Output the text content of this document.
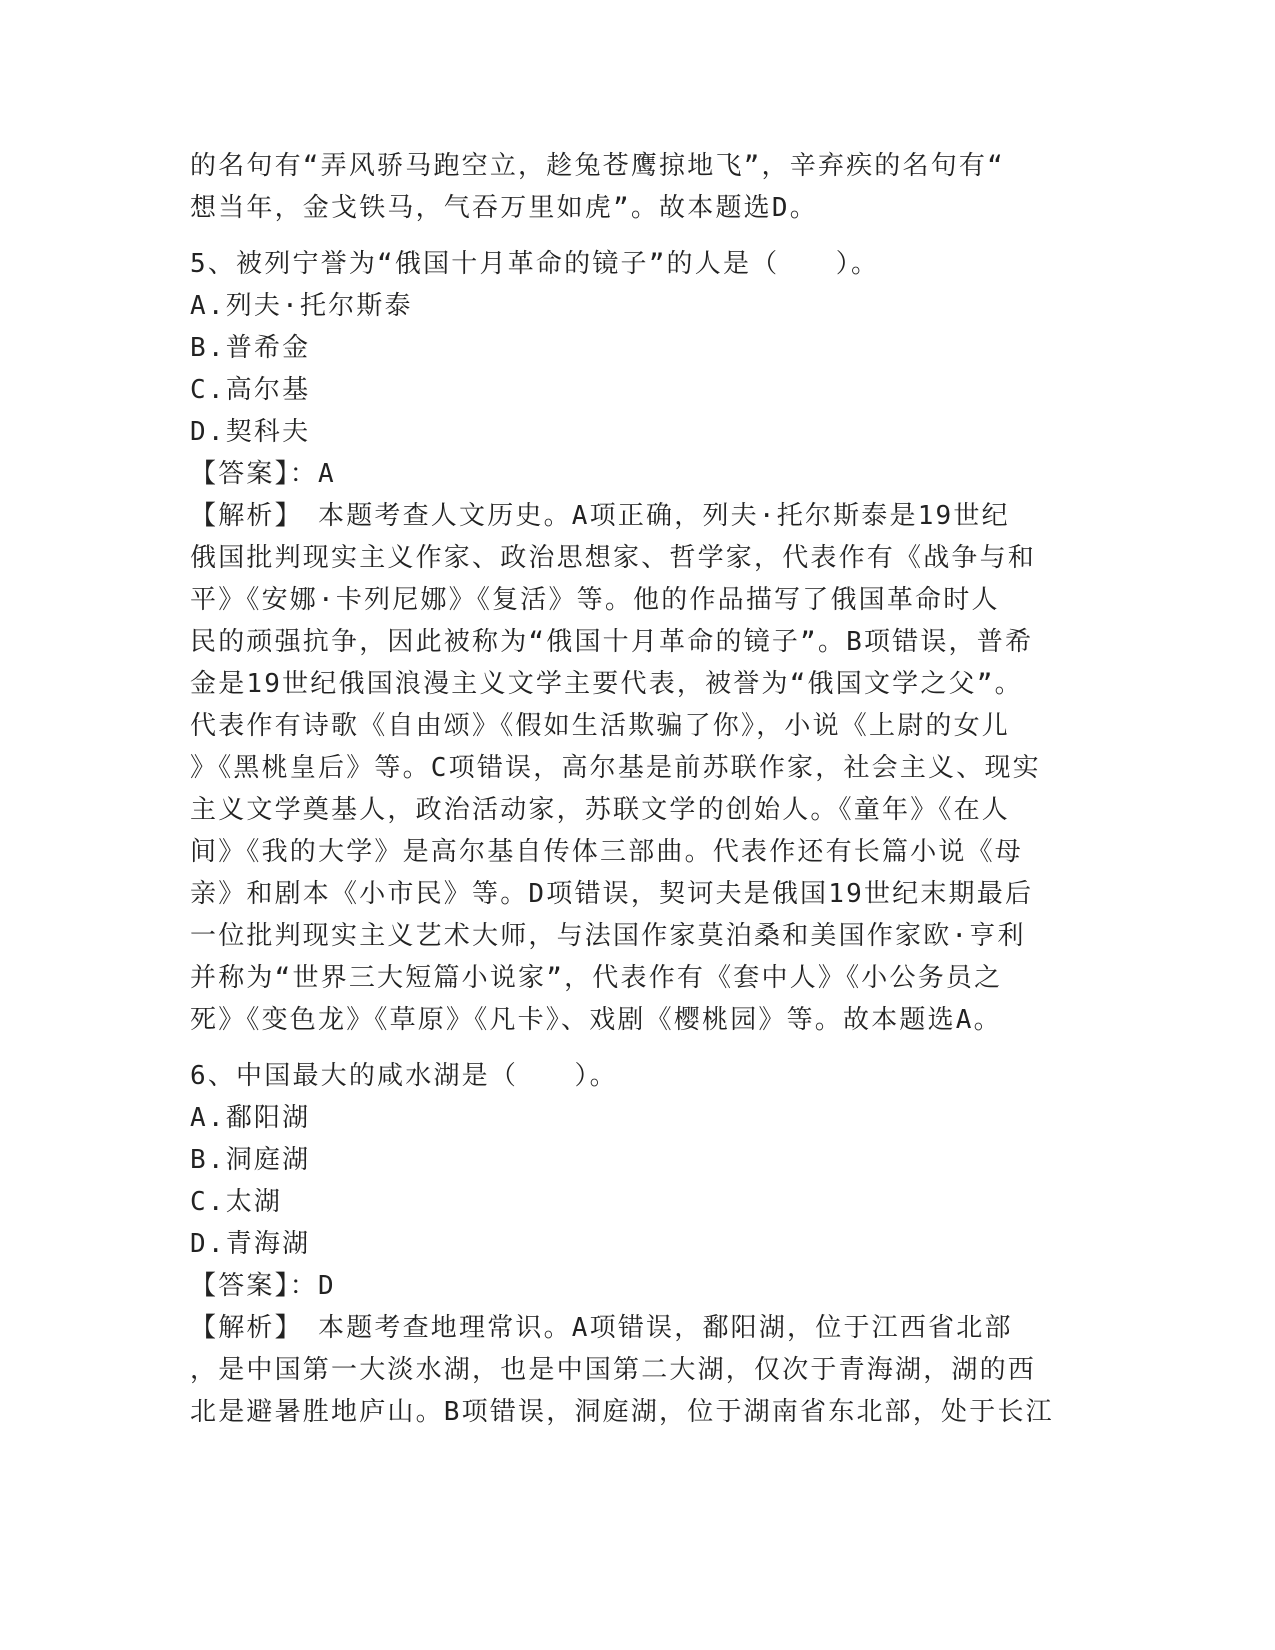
的名句有“弄风骄马跑空立，趁兔苍鹰掠地飞”，辛弃疾的名句有“
想当年，金戈铁马，气吞万里如虎”。故本题选D。
5、被列宁誉为“俄国十月革命的镜子”的人是（　　）。
A.列夫·托尔斯泰
B.普希金
C.高尔基
D.契科夫
【答案】：A
【解析】　本题考查人文历史。A项正确，列夫·托尔斯泰是19世纪
俄国批判现实主义作家、政治思想家、哲学家，代表作有《战争与和
平》《安娜·卡列尼娜》《复活》等。他的作品描写了俄国革命时人
民的顽强抗争，因此被称为“俄国十月革命的镜子”。B项错误，普希
金是19世纪俄国浪漫主义文学主要代表，被誉为“俄国文学之父”。
代表作有诗歌《自由颂》《假如生活欺骗了你》，小说《上尉的女儿
》《黑桃皇后》等。C项错误，高尔基是前苏联作家，社会主义、现实
主义文学奠基人，政治活动家，苏联文学的创始人。《童年》《在人
间》《我的大学》是高尔基自传体三部曲。代表作还有长篇小说《母
亲》和剧本《小市民》等。D项错误，契诃夫是俄国19世纪末期最后
一位批判现实主义艺术大师，与法国作家莫泊桑和美国作家欧·亨利
并称为“世界三大短篇小说家”，代表作有《套中人》《小公务员之
死》《变色龙》《草原》《凡卡》、戏剧《樱桃园》等。故本题选A。
6、中国最大的咸水湖是（　　）。
A.鄱阳湖
B.洞庭湖
C.太湖
D.青海湖
【答案】：D
【解析】　本题考查地理常识。A项错误，鄱阳湖，位于江西省北部
，是中国第一大淡水湖，也是中国第二大湖，仅次于青海湖，湖的西
北是避暑胜地庐山。B项错误，洞庭湖，位于湖南省东北部，处于长江
